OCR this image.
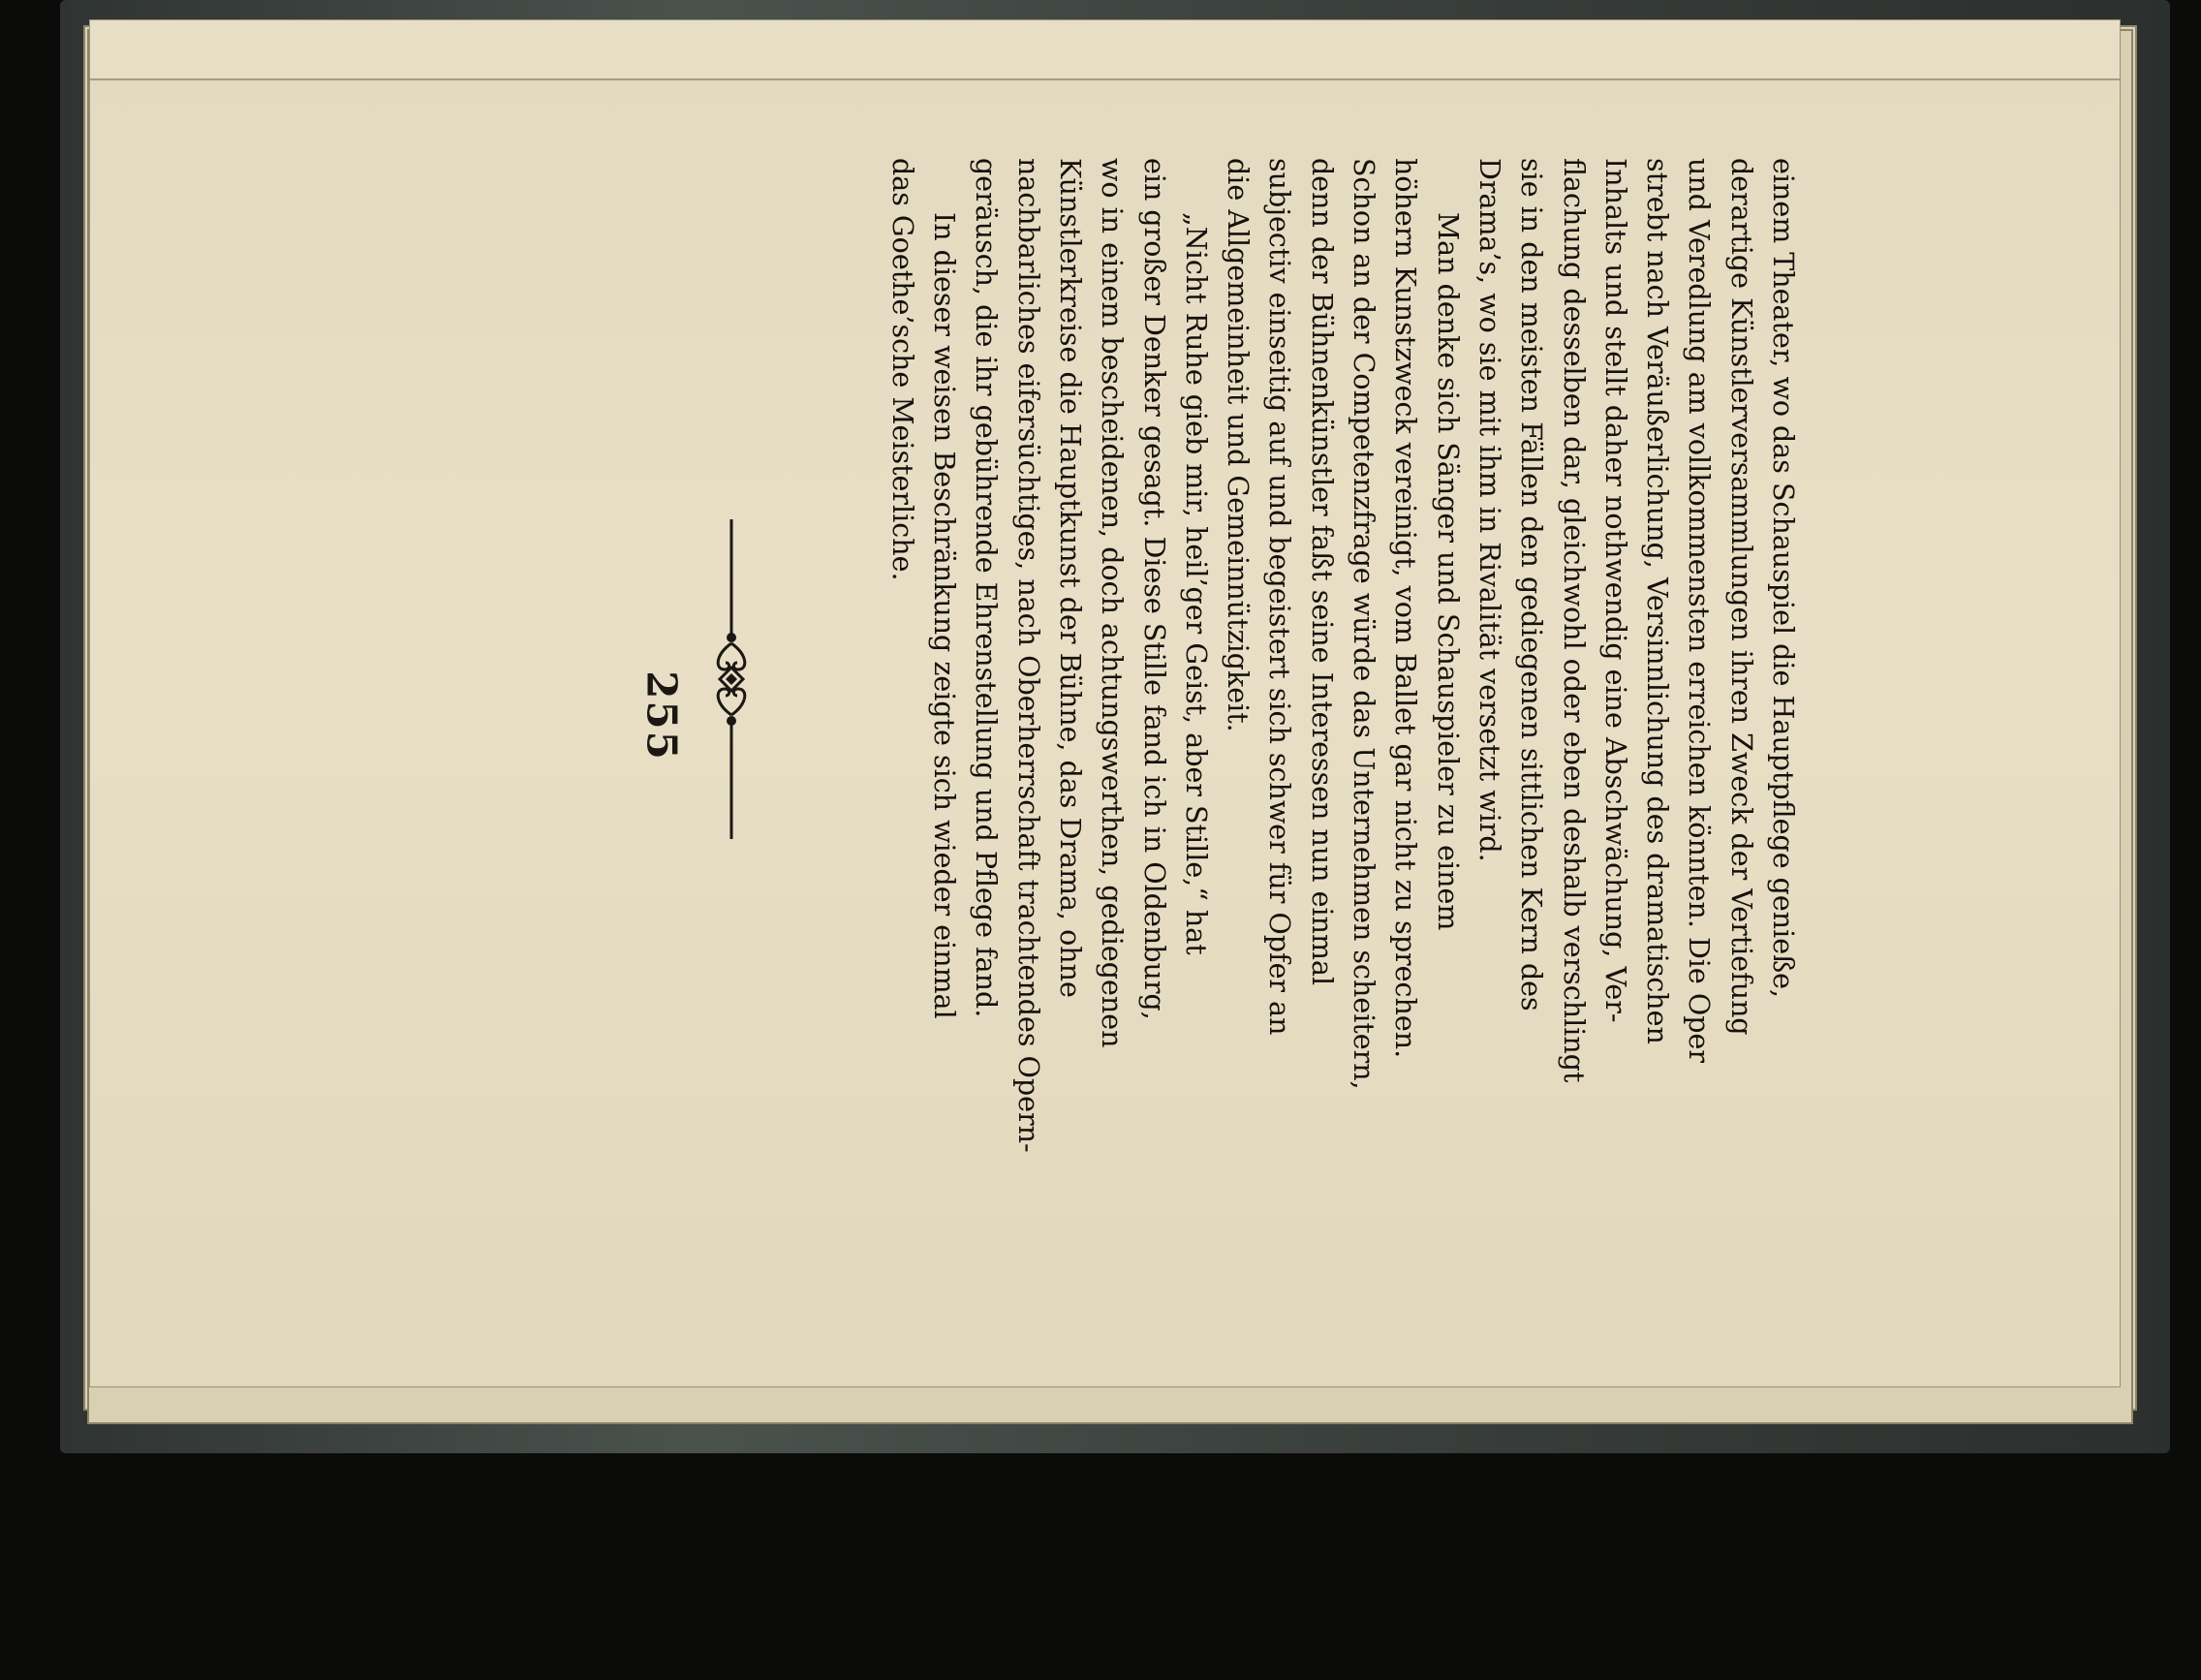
255	einem Theater, wo das Schauspiel die Hauptpflege genieße,
derartige Künstlerversammlungen ihren Zweck der Vertiefung
und Veredlung am vollkommensten erreichen könnten. Die Oper
strebt nach Veräußerlichung, Versinnlichung des dramatischen
Inhalts und stellt daher nothwendig eine Abschwächung, Ver-
flachung desselben dar, gleichwohl oder eben deshalb verschlingt
sie in den meisten Fällen den gediegenen sittlichen Kern des
Drama’s, wo sie mit ihm in Rivalität versetzt wird.
Man denke sich Sänger und Schauspieler zu einem
höhern Kunstzweck vereinigt, vom Ballet gar nicht zu sprechen.
Schon an der Competenzfrage würde das Unternehmen scheitern,
denn der Bühnenkünstler faßt seine Interessen nun einmal
subjectiv einseitig auf und begeistert sich schwer für Opfer an
die Allgemeinheit und Gemeinnützigkeit.
„Nicht Ruhe gieb mir, heil’ger Geist, aber Stille,“ hat
ein großer Denker gesagt. Diese Stille fand ich in Oldenburg,
wo in einem bescheidenen, doch achtungswerthen, gediegenen
Künstlerkreise die Hauptkunst der Bühne, das Drama, ohne
nachbarliches eifersüchtiges, nach Oberherrschaft trachtendes Opern-
geräusch, die ihr gebührende Ehrenstellung und Pflege fand.
In dieser weisen Beschränkung zeigte sich wieder einmal
das Goethe’sche Meisterliche.
